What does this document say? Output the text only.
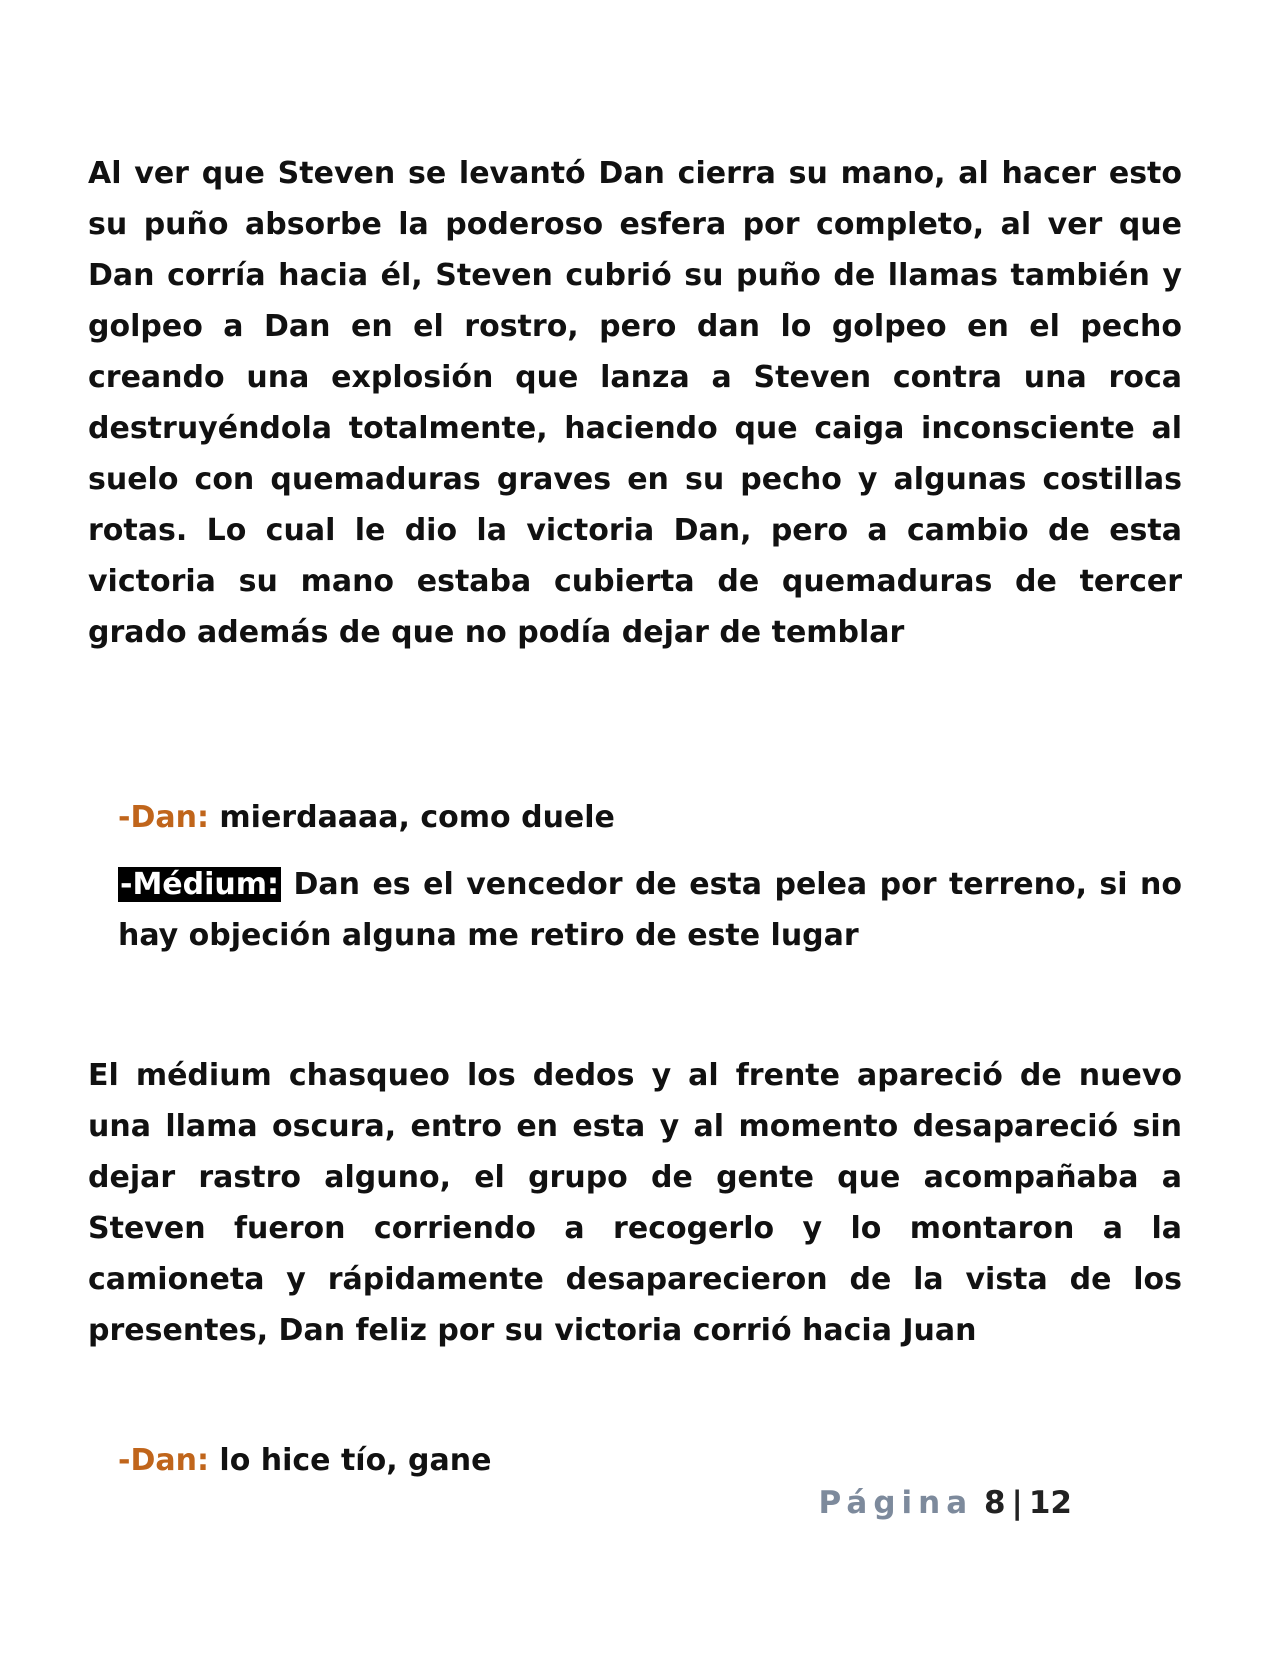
Al ver que Steven se levantó Dan cierra su mano, al hacer esto su puño absorbe la poderoso esfera por completo, al ver que Dan corría hacia él, Steven cubrió su puño de llamas también y golpeo a Dan en el rostro, pero dan lo golpeo en el pecho creando una explosión que lanza a Steven contra una roca destruyéndola totalmente, haciendo que caiga inconsciente al suelo con quemaduras graves en su pecho y algunas costillas rotas. Lo cual le dio la victoria Dan, pero a cambio de esta victoria su mano estaba cubierta de quemaduras de tercer grado además de que no podía dejar de temblar

-Dan: mierdaaaa, como duele

-Médium: Dan es el vencedor de esta pelea por terreno, si no hay objeción alguna me retiro de este lugar

El médium chasqueo los dedos y al frente apareció de nuevo una llama oscura, entro en esta y al momento desapareció sin dejar rastro alguno, el grupo de gente que acompañaba a Steven fueron corriendo a recogerlo y lo montaron a la camioneta y rápidamente desaparecieron de la vista de los presentes, Dan feliz por su victoria corrió hacia Juan

-Dan: lo hice tío, gane

Página 8 | 12
